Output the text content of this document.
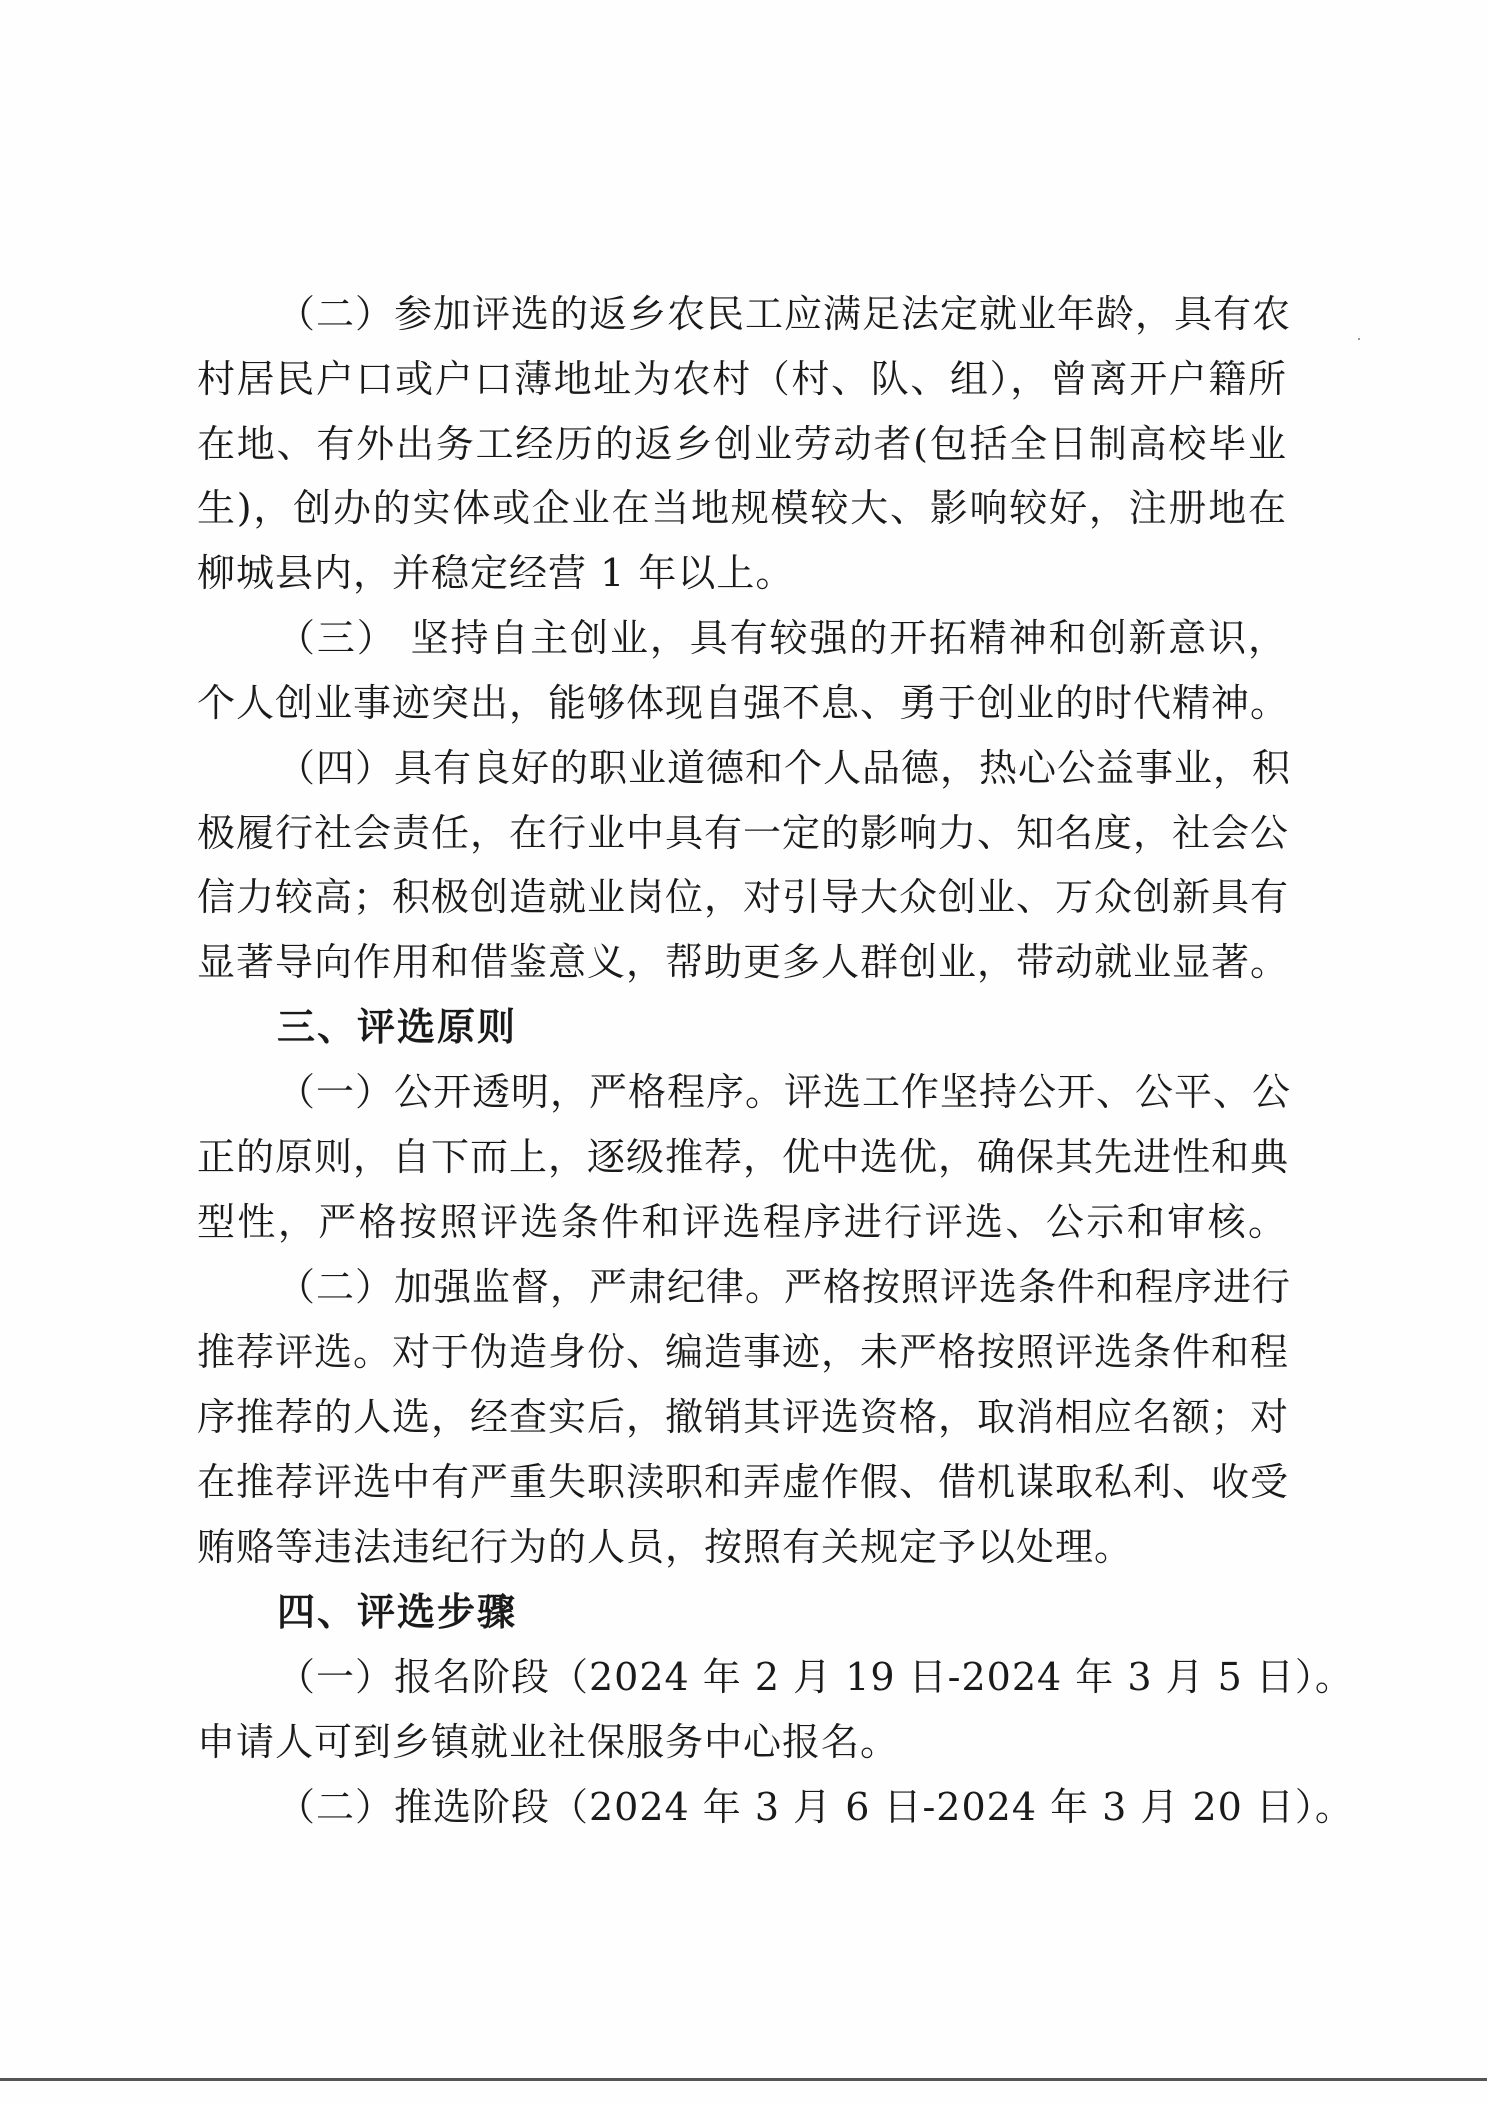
（二）参加评选的返乡农民工应满足法定就业年龄，具有农
村居民户口或户口薄地址为农村（村、队、组），曾离开户籍所
在地、有外出务工经历的返乡创业劳动者(包括全日制高校毕业
生)，创办的实体或企业在当地规模较大、影响较好，注册地在
柳城县内，并稳定经营 1 年以上。
（三） 坚持自主创业，具有较强的开拓精神和创新意识，
个人创业事迹突出，能够体现自强不息、勇于创业的时代精神。
（四）具有良好的职业道德和个人品德，热心公益事业，积
极履行社会责任，在行业中具有一定的影响力、知名度，社会公
信力较高；积极创造就业岗位，对引导大众创业、万众创新具有
显著导向作用和借鉴意义，帮助更多人群创业，带动就业显著。
三、评选原则
（一）公开透明，严格程序。评选工作坚持公开、公平、公
正的原则，自下而上，逐级推荐，优中选优，确保其先进性和典
型性，严格按照评选条件和评选程序进行评选、公示和审核。
（二）加强监督，严肃纪律。严格按照评选条件和程序进行
推荐评选。对于伪造身份、编造事迹，未严格按照评选条件和程
序推荐的人选，经查实后，撤销其评选资格，取消相应名额；对
在推荐评选中有严重失职渎职和弄虚作假、借机谋取私利、收受
贿赂等违法违纪行为的人员，按照有关规定予以处理。
四、评选步骤
（一）报名阶段（2024 年 2 月 19 日-2024 年 3 月 5 日）。
申请人可到乡镇就业社保服务中心报名。
（二）推选阶段（2024 年 3 月 6 日-2024 年 3 月 20 日）。
